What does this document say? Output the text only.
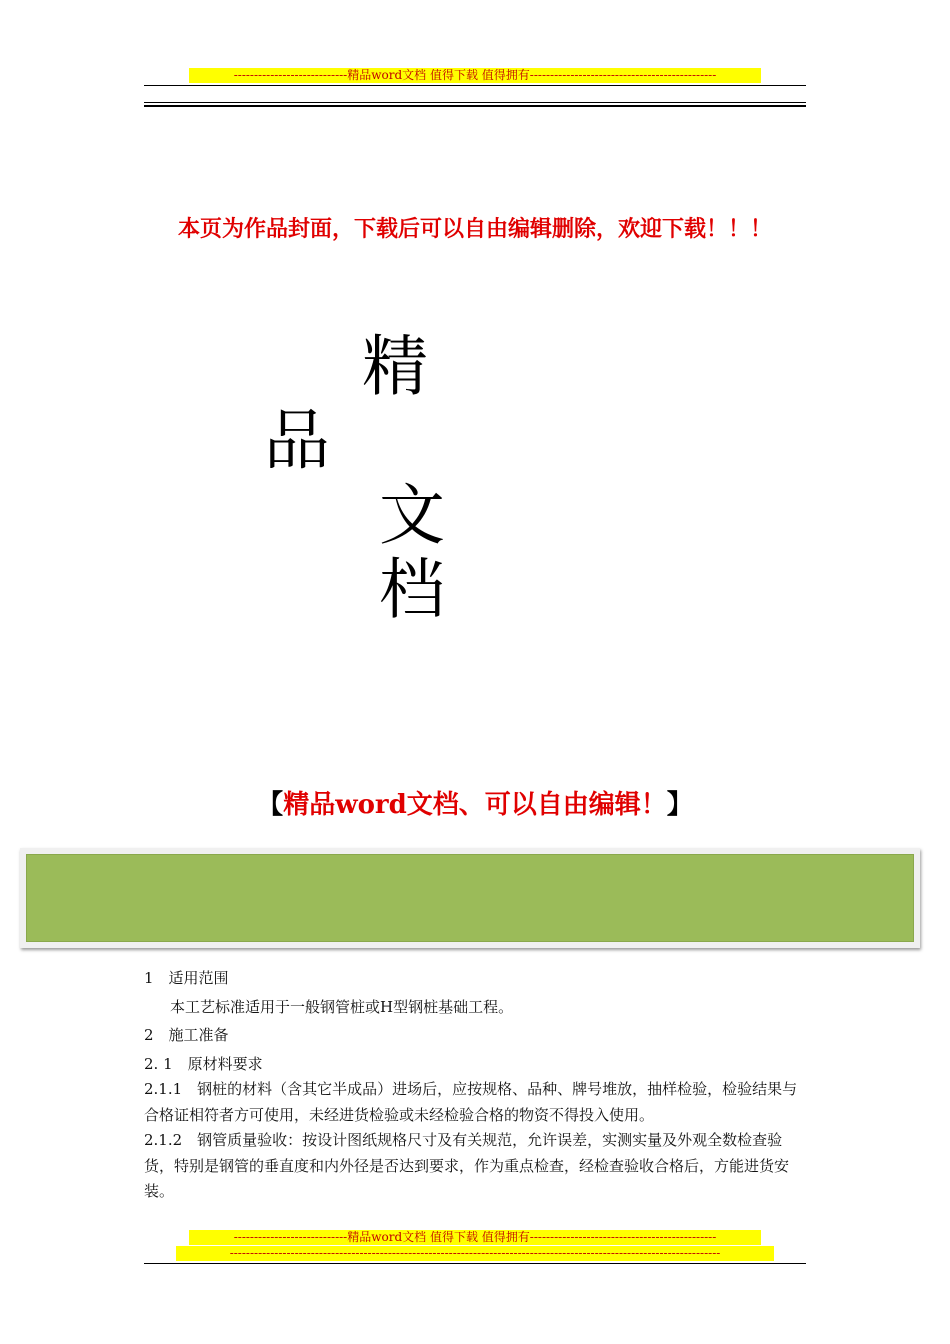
----------------------------精品word文档 值得下载 值得拥有----------------------------------------------
本页为作品封面，下载后可以自由编辑删除，欢迎下载！！！
精
品
文
档
【精品word文档、可以自由编辑！】

1　适用范围

本工艺标准适用于一般钢管桩或H型钢桩基础工程。

2　施工准备

2. 1　原材料要求

2.1.1　钢桩的材料（含其它半成品）进场后，应按规格、品种、牌号堆放，抽样检验，检验结果与合格证相符者方可使用，未经进货检验或未经检验合格的物资不得投入使用。

2.1.2　钢管质量验收：按设计图纸规格尺寸及有关规范，允许误差，实测实量及外观全数检查验货，特别是钢管的垂直度和内外径是否达到要求，作为重点检查，经检查验收合格后，方能进货安装。

----------------------------精品word文档 值得下载 值得拥有----------------------------------------------
-------------------------------------------------------------------------------------------------------------------------
